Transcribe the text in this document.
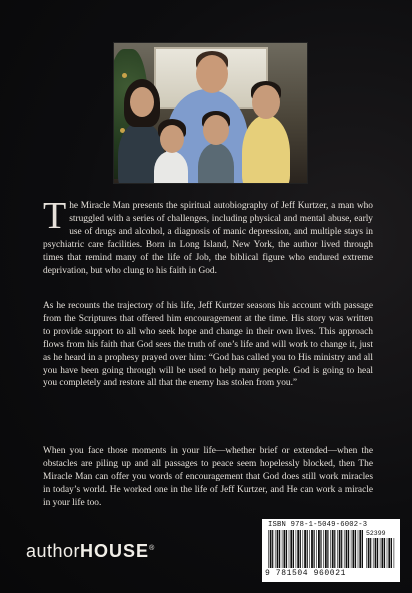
The Miracle Man presents the spiritual autobiography of Jeff Kurtzer, a man who struggled with a series of challenges, including physical and mental abuse, early use of drugs and alcohol, a diagnosis of manic depression, and multiple stays in psychiatric care facilities. Born in Long Island, New York, the author lived through times that remind many of the life of Job, the biblical figure who endured extreme deprivation, but who clung to his faith in God.

As he recounts the trajectory of his life, Jeff Kurtzer seasons his account with passage from the Scriptures that offered him encouragement at the time. His story was written to provide support to all who seek hope and change in their own lives. This approach flows from his faith that God sees the truth of one’s life and will work to change it, just as he heard in a prophesy prayed over him: “God has called you to His ministry and all you have been going through will be used to help many people. God is going to heal you completely and restore all that the enemy has stolen from you.”

When you face those moments in your life—whether brief or extended—when the obstacles are piling up and all passages to peace seem hopelessly blocked, then The Miracle Man can offer you words of encouragement that God does still work miracles in today’s world. He worked one in the life of Jeff Kurtzer, and He can work a miracle in your life too.

authorHOUSE®
ISBN 978-1-5049-6002-3
52399
9 781504 960021
